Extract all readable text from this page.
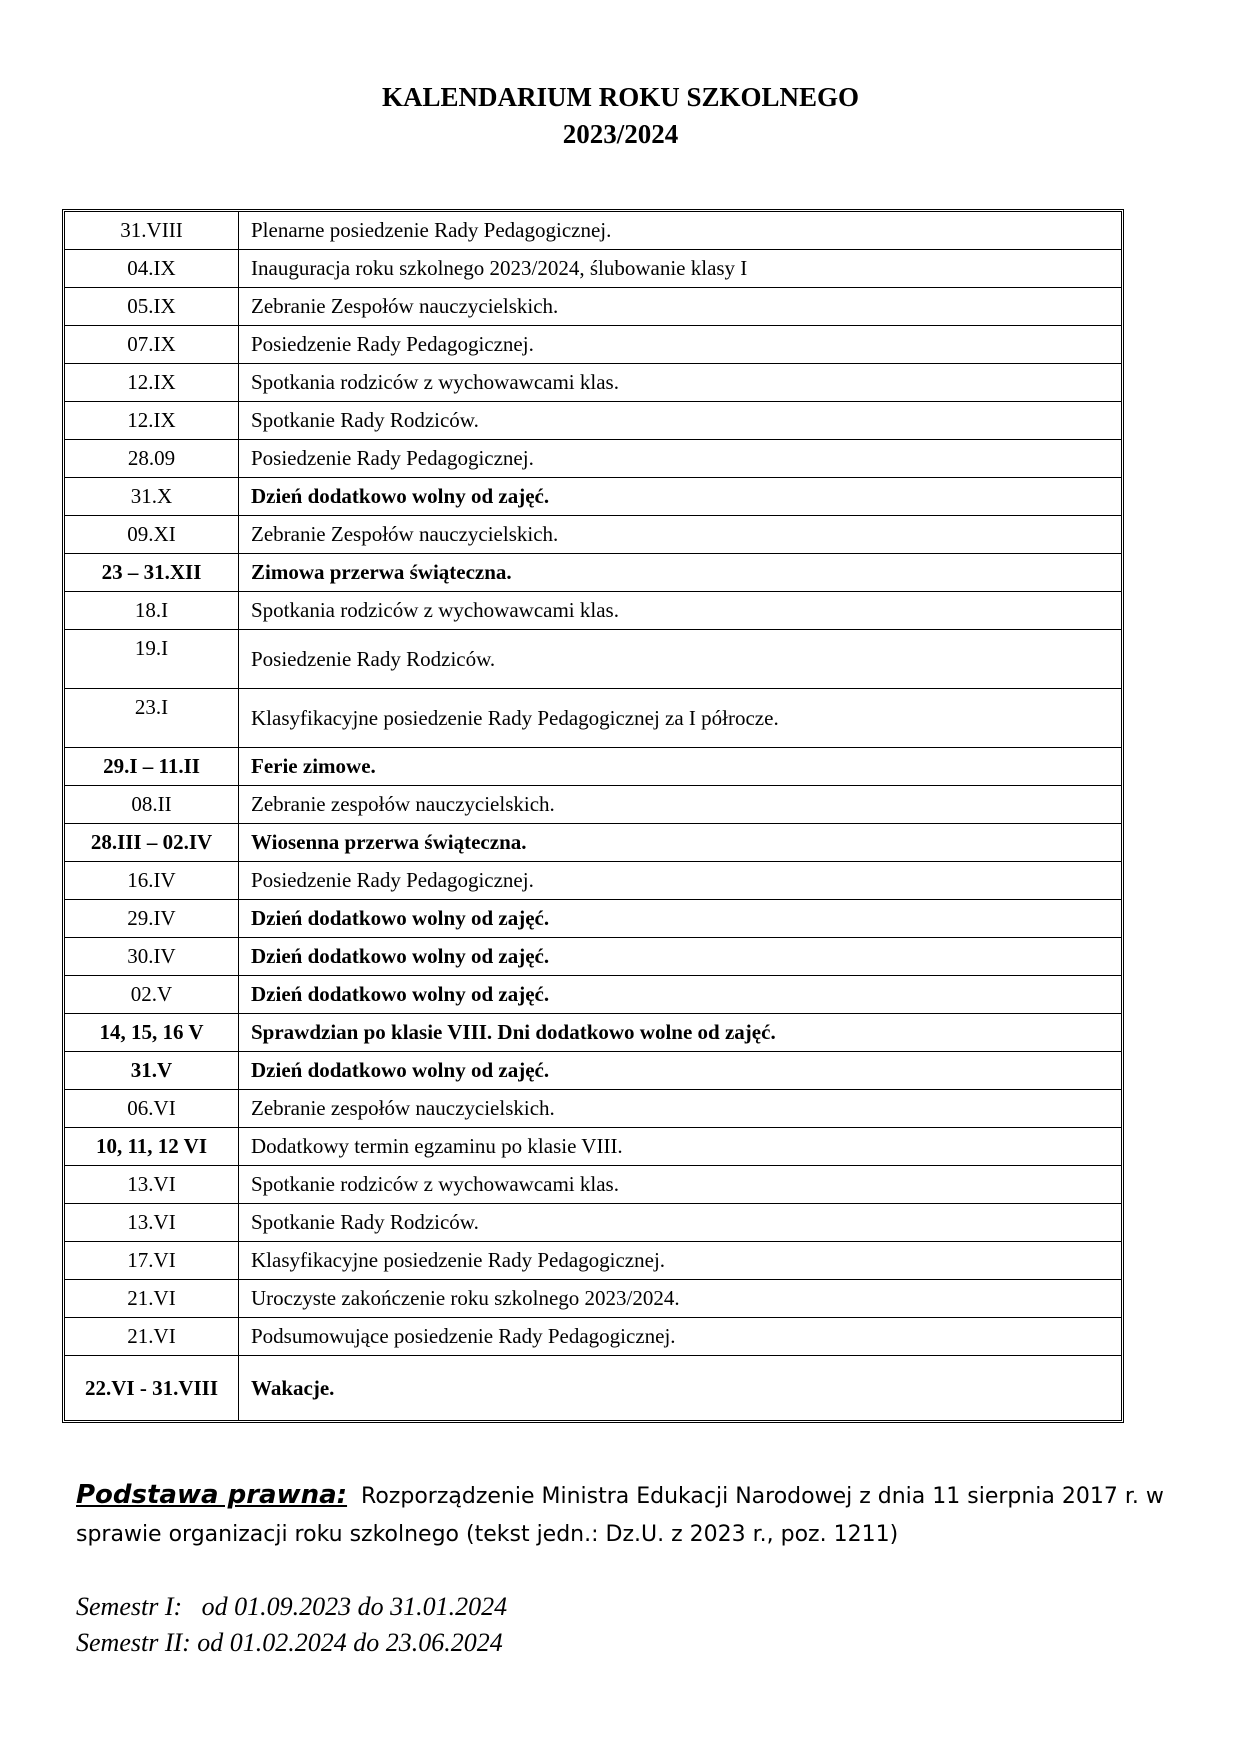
KALENDARIUM ROKU SZKOLNEGO
2023/2024
31.VIII	Plenarne posiedzenie Rady Pedagogicznej.
04.IX	Inauguracja roku szkolnego 2023/2024, ślubowanie klasy I
05.IX	Zebranie Zespołów nauczycielskich.
07.IX	Posiedzenie Rady Pedagogicznej.
12.IX	Spotkania rodziców z wychowawcami klas.
12.IX	Spotkanie Rady Rodziców.
28.09	Posiedzenie Rady Pedagogicznej.
31.X	Dzień dodatkowo wolny od zajęć.
09.XI	Zebranie Zespołów nauczycielskich.
23 – 31.XII	Zimowa przerwa świąteczna.
18.I	Spotkania rodziców z wychowawcami klas.
19.I	Posiedzenie Rady Rodziców.
23.I	Klasyfikacyjne posiedzenie Rady Pedagogicznej za I półrocze.
29.I – 11.II	Ferie zimowe.
08.II	Zebranie zespołów nauczycielskich.
28.III – 02.IV	Wiosenna przerwa świąteczna.
16.IV	Posiedzenie Rady Pedagogicznej.
29.IV	Dzień dodatkowo wolny od zajęć.
30.IV	Dzień dodatkowo wolny od zajęć.
02.V	Dzień dodatkowo wolny od zajęć.
14, 15, 16 V	Sprawdzian po klasie VIII. Dni dodatkowo wolne od zajęć.
31.V	Dzień dodatkowo wolny od zajęć.
06.VI	Zebranie zespołów nauczycielskich.
10, 11, 12 VI	Dodatkowy termin egzaminu po klasie VIII.
13.VI	Spotkanie rodziców z wychowawcami klas.
13.VI	Spotkanie Rady Rodziców.
17.VI	Klasyfikacyjne posiedzenie Rady Pedagogicznej.
21.VI	Uroczyste zakończenie roku szkolnego 2023/2024.
21.VI	Podsumowujące posiedzenie Rady Pedagogicznej.
22.VI - 31.VIII	Wakacje.
Podstawa prawna: Rozporządzenie Ministra Edukacji Narodowej z dnia 11 sierpnia 2017 r. w sprawie organizacji roku szkolnego (tekst jedn.: Dz.U. z 2023 r., poz. 1211)
Semestr I:   od 01.09.2023 do 31.01.2024
Semestr II: od 01.02.2024 do 23.06.2024
